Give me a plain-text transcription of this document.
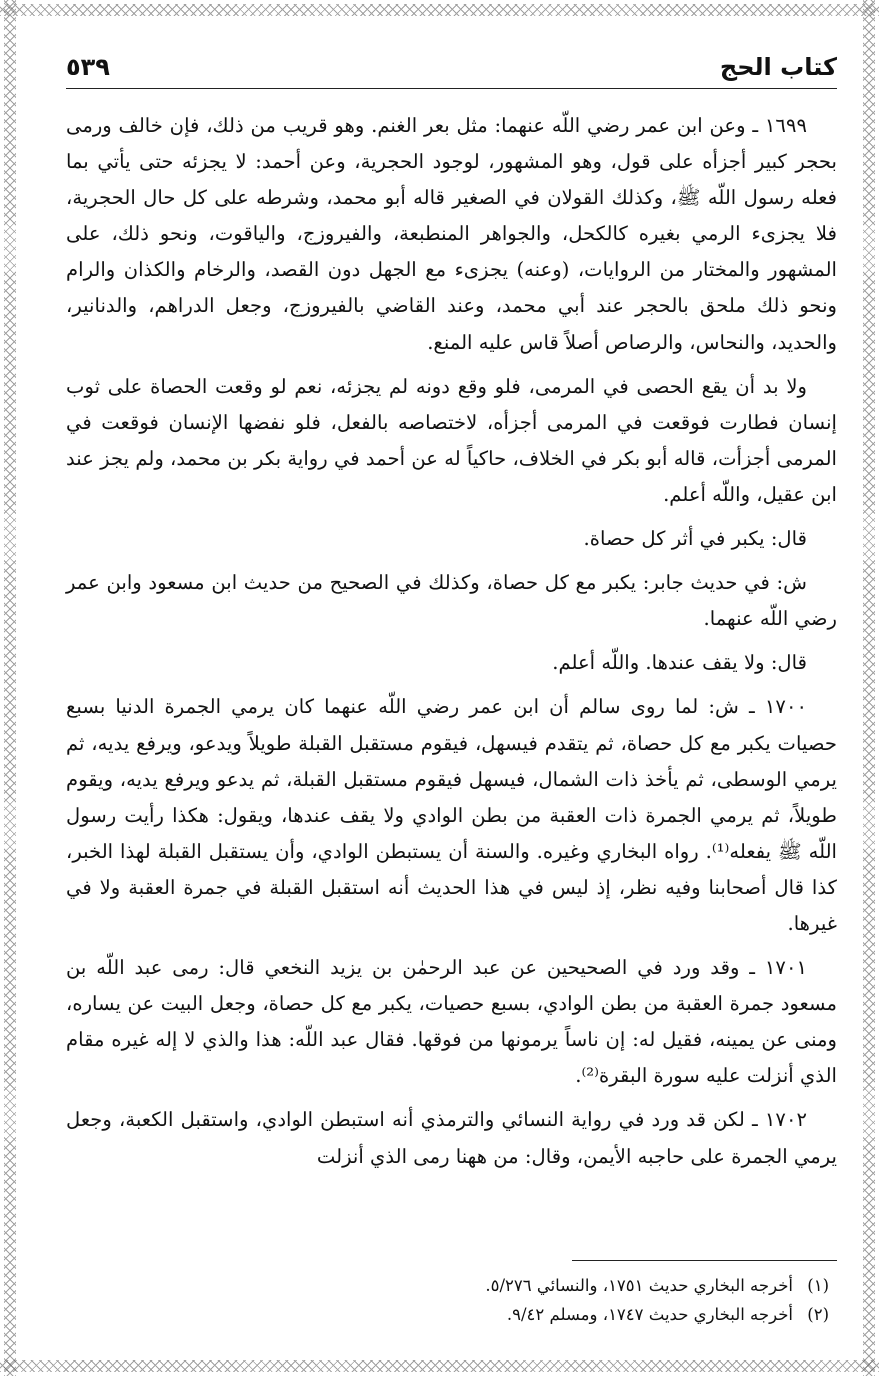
٥٣٩	كتاب الحج

١٦٩٩ ـ وعن ابن عمر رضي اللّه عنهما: مثل بعر الغنم. وهو قريب من ذلك، فإن خالف ورمى بحجر كبير أجزأه على قول، وهو المشهور، لوجود الحجرية، وعن أحمد: لا يجزئه حتى يأتي بما فعله رسول اللّه ﷺ، وكذلك القولان في الصغير قاله أبو محمد، وشرطه على كل حال الحجرية، فلا يجزىء الرمي بغيره كالكحل، والجواهر المنطبعة، والفيروزج، والياقوت، ونحو ذلك، على المشهور والمختار من الروايات، (وعنه) يجزىء مع الجهل دون القصد، والرخام والكذان والرام ونحو ذلك ملحق بالحجر عند أبي محمد، وعند القاضي بالفيروزج، وجعل الدراهم، والدنانير، والحديد، والنحاس، والرصاص أصلاً قاس عليه المنع.

ولا بد أن يقع الحصى في المرمى، فلو وقع دونه لم يجزئه، نعم لو وقعت الحصاة على ثوب إنسان فطارت فوقعت في المرمى أجزأه، لاختصاصه بالفعل، فلو نفضها الإنسان فوقعت في المرمى أجزأت، قاله أبو بكر في الخلاف، حاكياً له عن أحمد في رواية بكر بن محمد، ولم يجز عند ابن عقيل، واللّه أعلم.

قال: يكبر في أثر كل حصاة.

ش: في حديث جابر: يكبر مع كل حصاة، وكذلك في الصحيح من حديث ابن مسعود وابن عمر رضي اللّه عنهما.

قال: ولا يقف عندها. واللّه أعلم.

١٧٠٠ ـ ش: لما روى سالم أن ابن عمر رضي اللّه عنهما كان يرمي الجمرة الدنيا بسبع حصيات يكبر مع كل حصاة، ثم يتقدم فيسهل، فيقوم مستقبل القبلة طويلاً ويدعو، ويرفع يديه، ثم يرمي الوسطى، ثم يأخذ ذات الشمال، فيسهل فيقوم مستقبل القبلة، ثم يدعو ويرفع يديه، ويقوم طويلاً، ثم يرمي الجمرة ذات العقبة من بطن الوادي ولا يقف عندها، ويقول: هكذا رأيت رسول اللّه ﷺ يفعله⁽¹⁾. رواه البخاري وغيره. والسنة أن يستبطن الوادي، وأن يستقبل القبلة لهذا الخبر، كذا قال أصحابنا وفيه نظر، إذ ليس في هذا الحديث أنه استقبل القبلة في جمرة العقبة ولا في غيرها.

١٧٠١ ـ وقد ورد في الصحيحين عن عبد الرحمٰن بن يزيد النخعي قال: رمى عبد اللّه بن مسعود جمرة العقبة من بطن الوادي، بسبع حصيات، يكبر مع كل حصاة، وجعل البيت عن يساره، ومنى عن يمينه، فقيل له: إن ناساً يرمونها من فوقها. فقال عبد اللّه: هذا والذي لا إله غيره مقام الذي أنزلت عليه سورة البقرة⁽²⁾.

١٧٠٢ ـ لكن قد ورد في رواية النسائي والترمذي أنه استبطن الوادي، واستقبل الكعبة، وجعل يرمي الجمرة على حاجبه الأيمن، وقال: من ههنا رمى الذي أنزلت

(١)
أخرجه البخاري حديث ١٧٥١، والنسائي ٥/٢٧٦.
(٢)
أخرجه البخاري حديث ١٧٤٧، ومسلم ٩/٤٢.
